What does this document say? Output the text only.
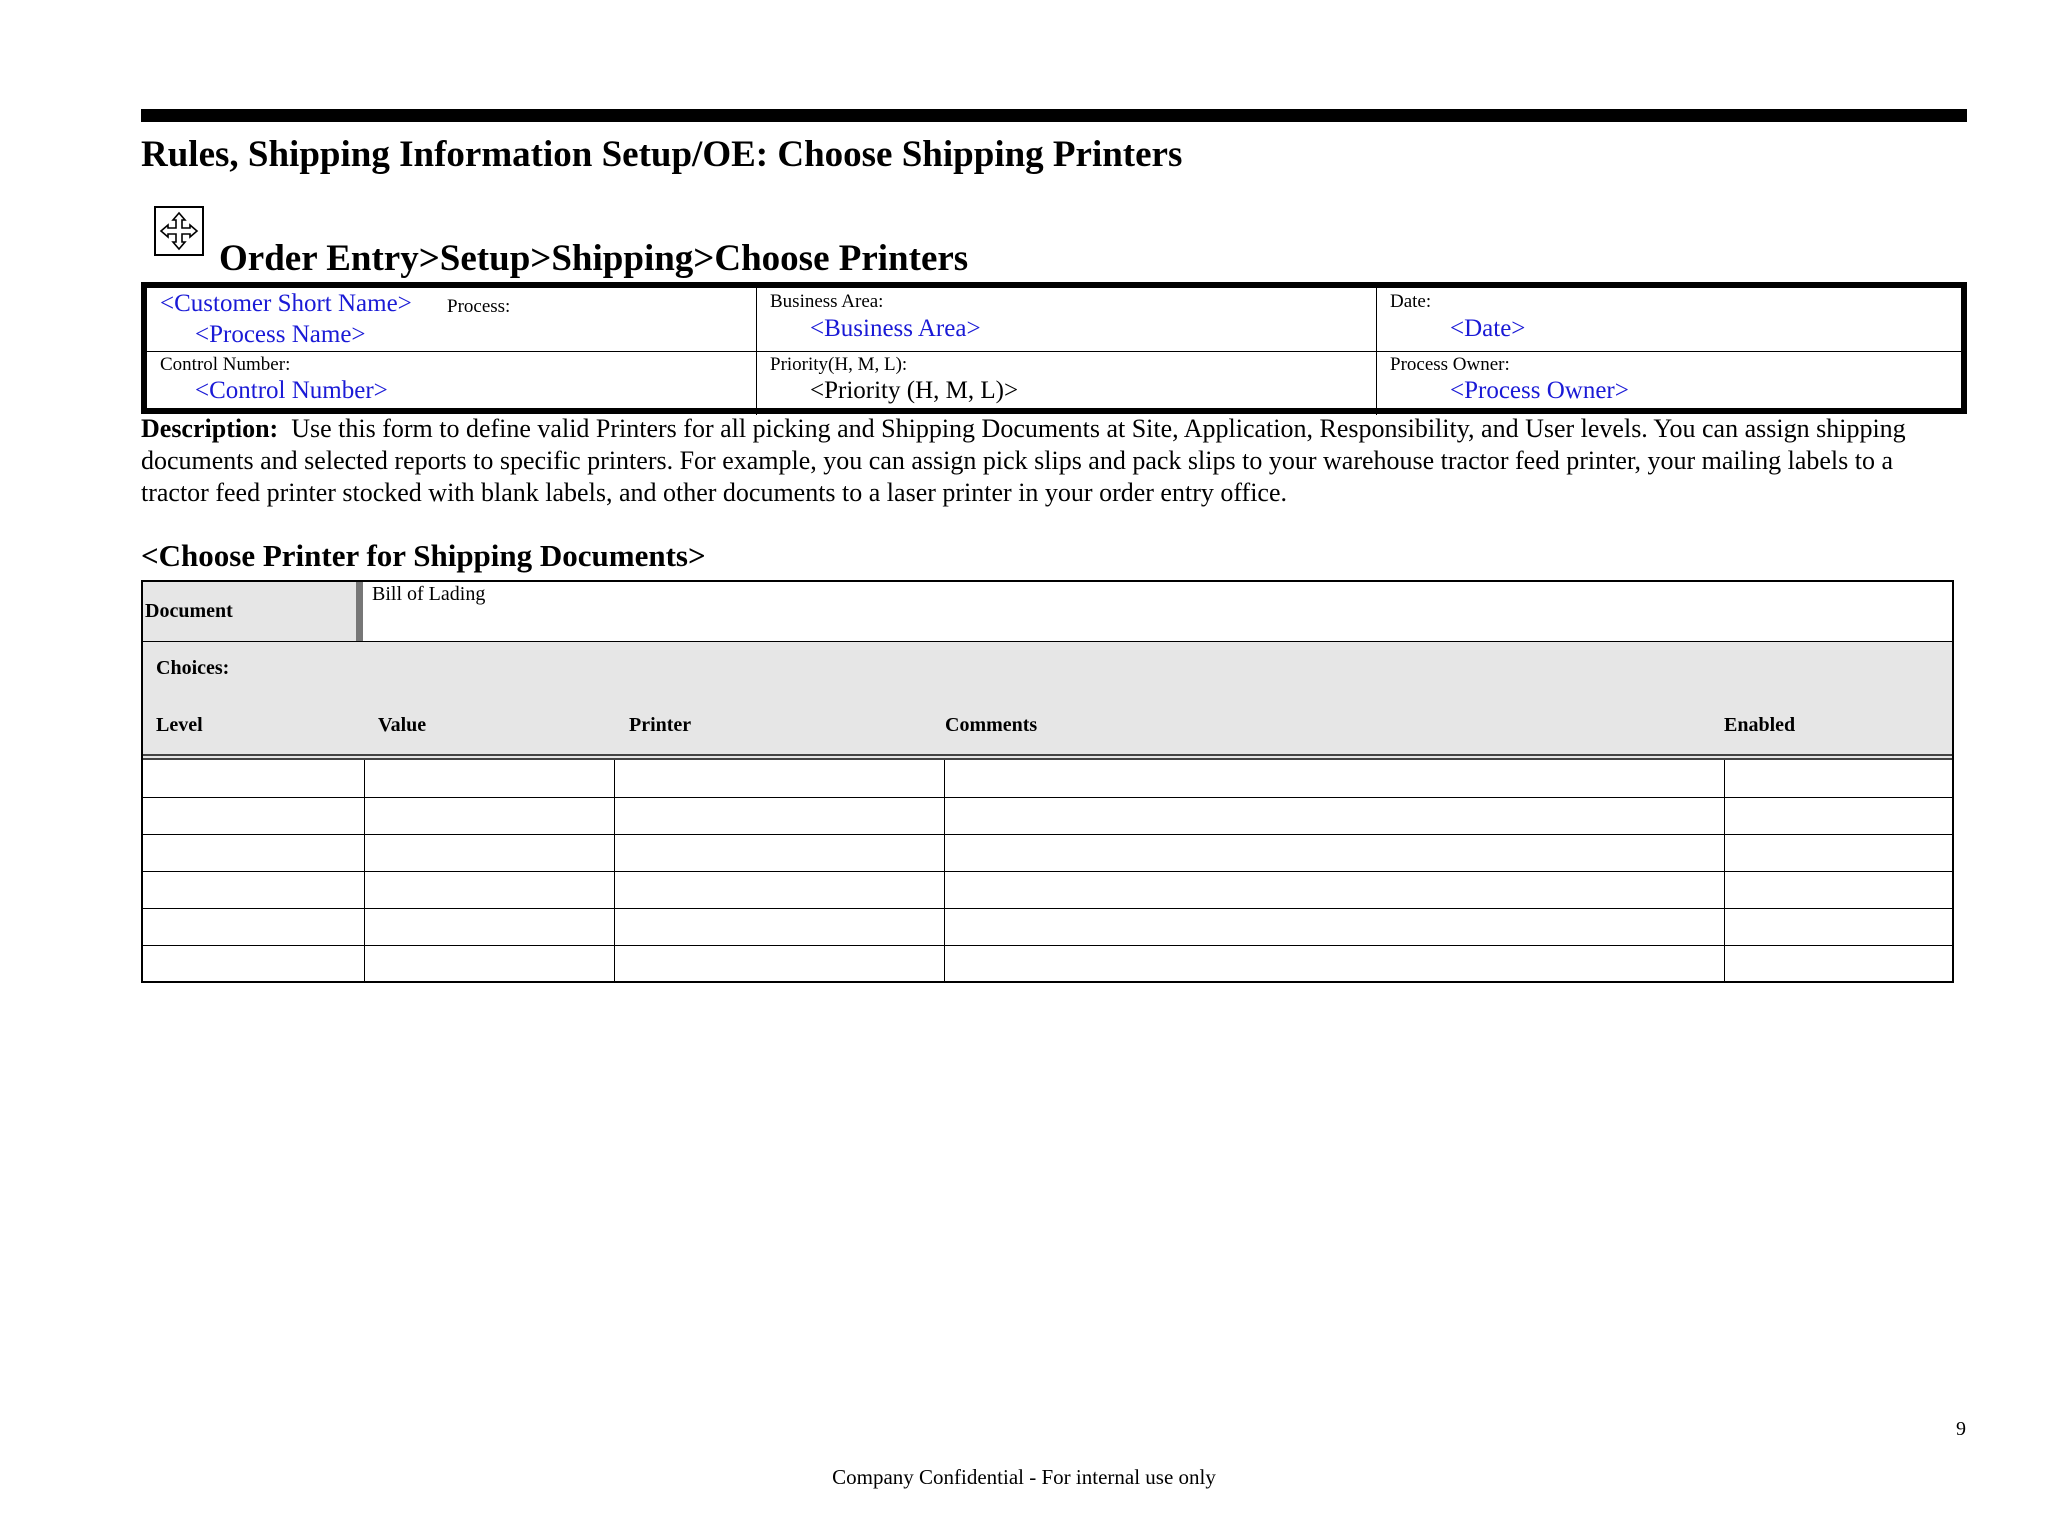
Rules, Shipping Information Setup/OE: Choose Shipping Printers
Order Entry>Setup>Shipping>Choose Printers
<Customer Short Name> Process:
<Process Name>
Business Area:
<Business Area>
Date:
<Date>
Control Number:
<Control Number>
Priority(H, M, L):
<Priority (H, M, L)>
Process Owner:
<Process Owner>
Description: Use this form to define valid Printers for all picking and Shipping Documents at Site, Application, Responsibility, and User levels. You can assign shipping documents and selected reports to specific printers. For example, you can assign pick slips and pack slips to your warehouse tractor feed printer, your mailing labels to a tractor feed printer stocked with blank labels, and other documents to a laser printer in your order entry office.
<Choose Printer for Shipping Documents>
Document
Bill of Lading
Choices:
Level	Value	Printer	Comments	Enabled
9
Company Confidential - For internal use only
